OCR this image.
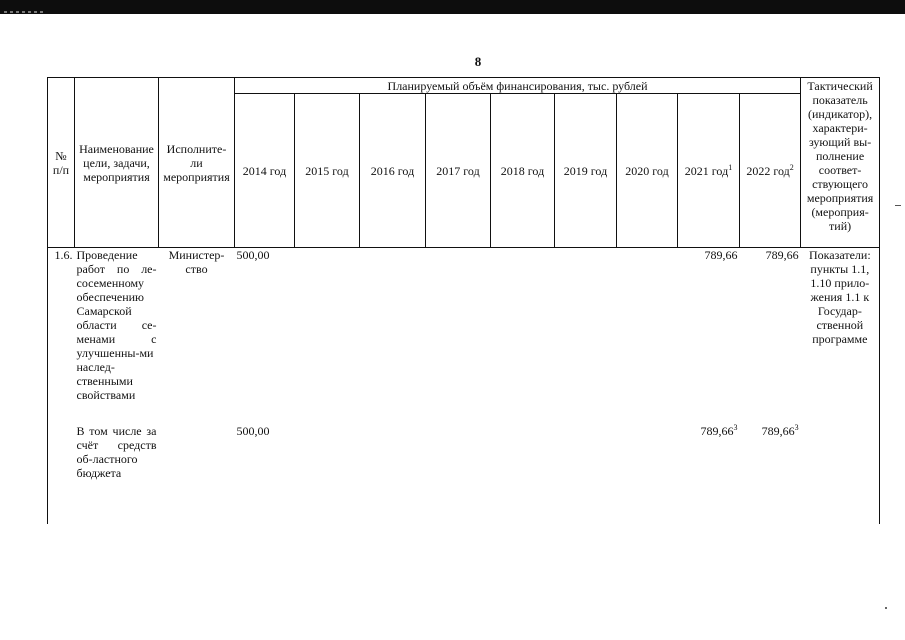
8
№ п/п	Наименование цели, задачи, мероприятия	Исполните-ли мероприятия	Планируемый объём финансирования, тыс. рублей									Тактический показатель (индикатор), характери-зующий вы-полнение соответ-ствующего мероприятия (мероприя-тий)
			2014 год	2015 год	2016 год	2017 год	2018 год	2019 год	2020 год	2021 год$^1$	2022 год$^2$
1.6.	Проведение работ по ле-сосеменному обеспечению Самарской области се-менами с улучшенны-ми наслед-ственными свойствами	Министер-ство	500,00							789,66	789,66	Показатели: пункты 1.1, 1.10 прило-жения 1.1 к Государ-ственной программе
	В том числе за счёт средств об-ластного бюджета		500,00							789,66$^3$	789,66$^3$	
